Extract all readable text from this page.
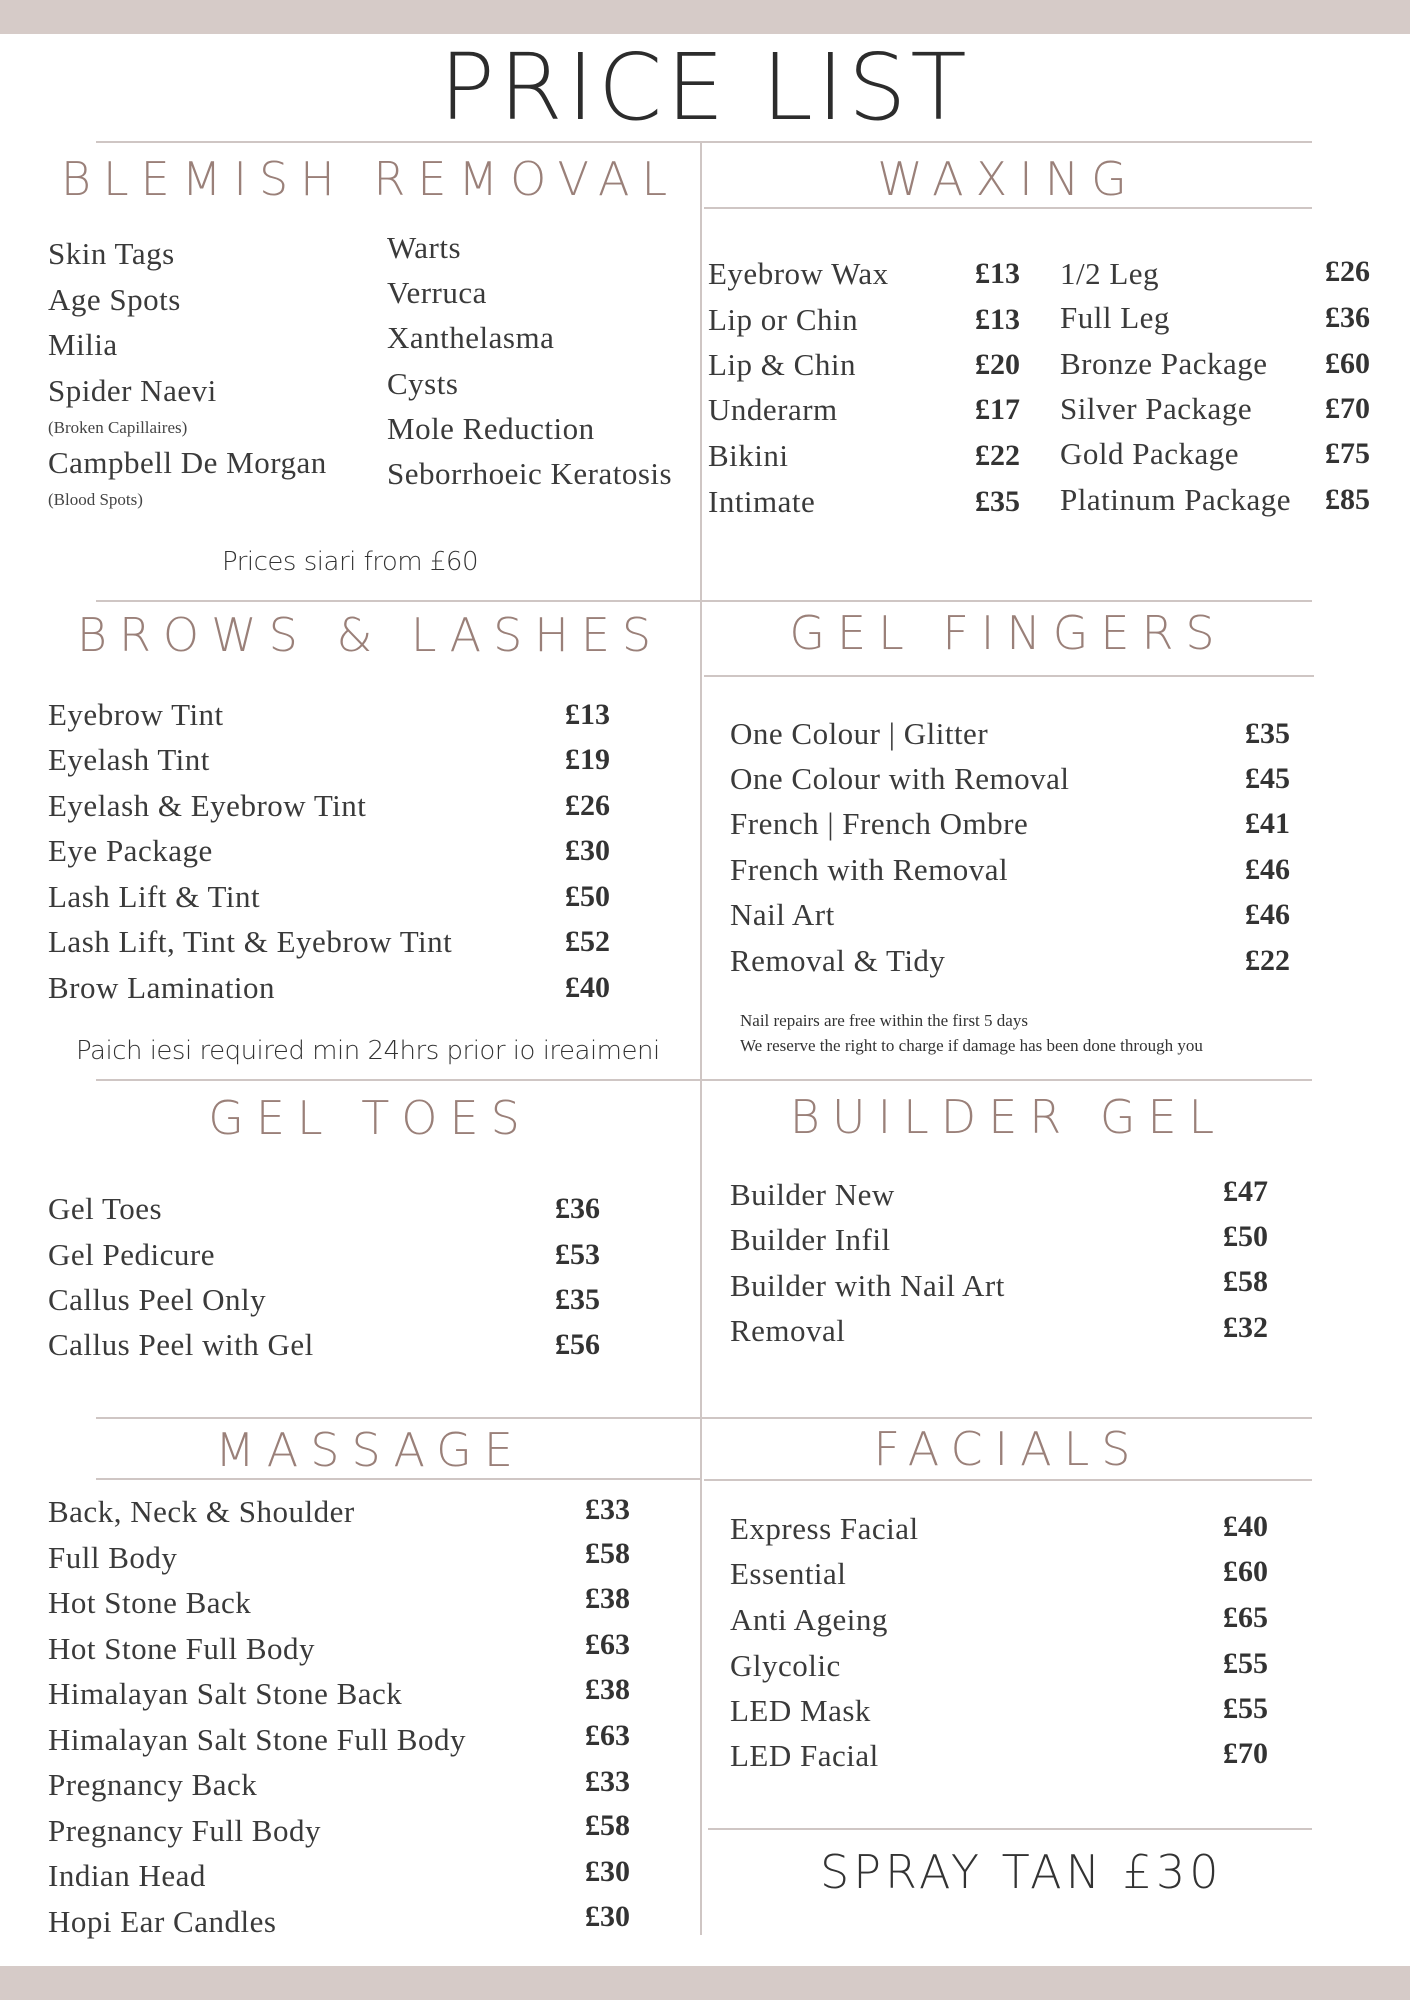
PRICE LIST
BLEMISH REMOVAL
Skin Tags
Age Spots
Milia
Spider Naevi
(Broken Capillaires)
Campbell De Morgan
(Blood Spots)
Warts
Verruca
Xanthelasma
Cysts
Mole Reduction
Seborrhoeic Keratosis
Prices siari from £60
WAXING
Eyebrow Wax	£13
Lip or Chin	£13
Lip & Chin	£20
Underarm	£17
Bikini	£22
Intimate	£35
1/2 Leg	£26
Full Leg	£36
Bronze Package	£60
Silver Package	£70
Gold Package	£75
Platinum Package	£85
BROWS & LASHES
Eyebrow Tint	£13
Eyelash Tint	£19
Eyelash & Eyebrow Tint	£26
Eye Package	£30
Lash Lift & Tint	£50
Lash Lift, Tint & Eyebrow Tint	£52
Brow Lamination	£40
Paich iesi required min 24hrs prior io ireaimeni
GEL FINGERS
One Colour | Glitter	£35
One Colour with Removal	£45
French | French Ombre	£41
French with Removal	£46
Nail Art	£46
Removal & Tidy	£22
Nail repairs are free within the first 5 days
We reserve the right to charge if damage has been done through you
GEL TOES
Gel Toes	£36
Gel Pedicure	£53
Callus Peel Only	£35
Callus Peel with Gel	£56
BUILDER GEL
Builder New	£47
Builder Infil	£50
Builder with Nail Art	£58
Removal	£32
MASSAGE
Back, Neck & Shoulder	£33
Full Body	£58
Hot Stone Back	£38
Hot Stone Full Body	£63
Himalayan Salt Stone Back	£38
Himalayan Salt Stone Full Body	£63
Pregnancy Back	£33
Pregnancy Full Body	£58
Indian Head	£30
Hopi Ear Candles	£30
FACIALS
Express Facial	£40
Essential	£60
Anti Ageing	£65
Glycolic	£55
LED Mask	£55
LED Facial	£70
SPRAY TAN £30
